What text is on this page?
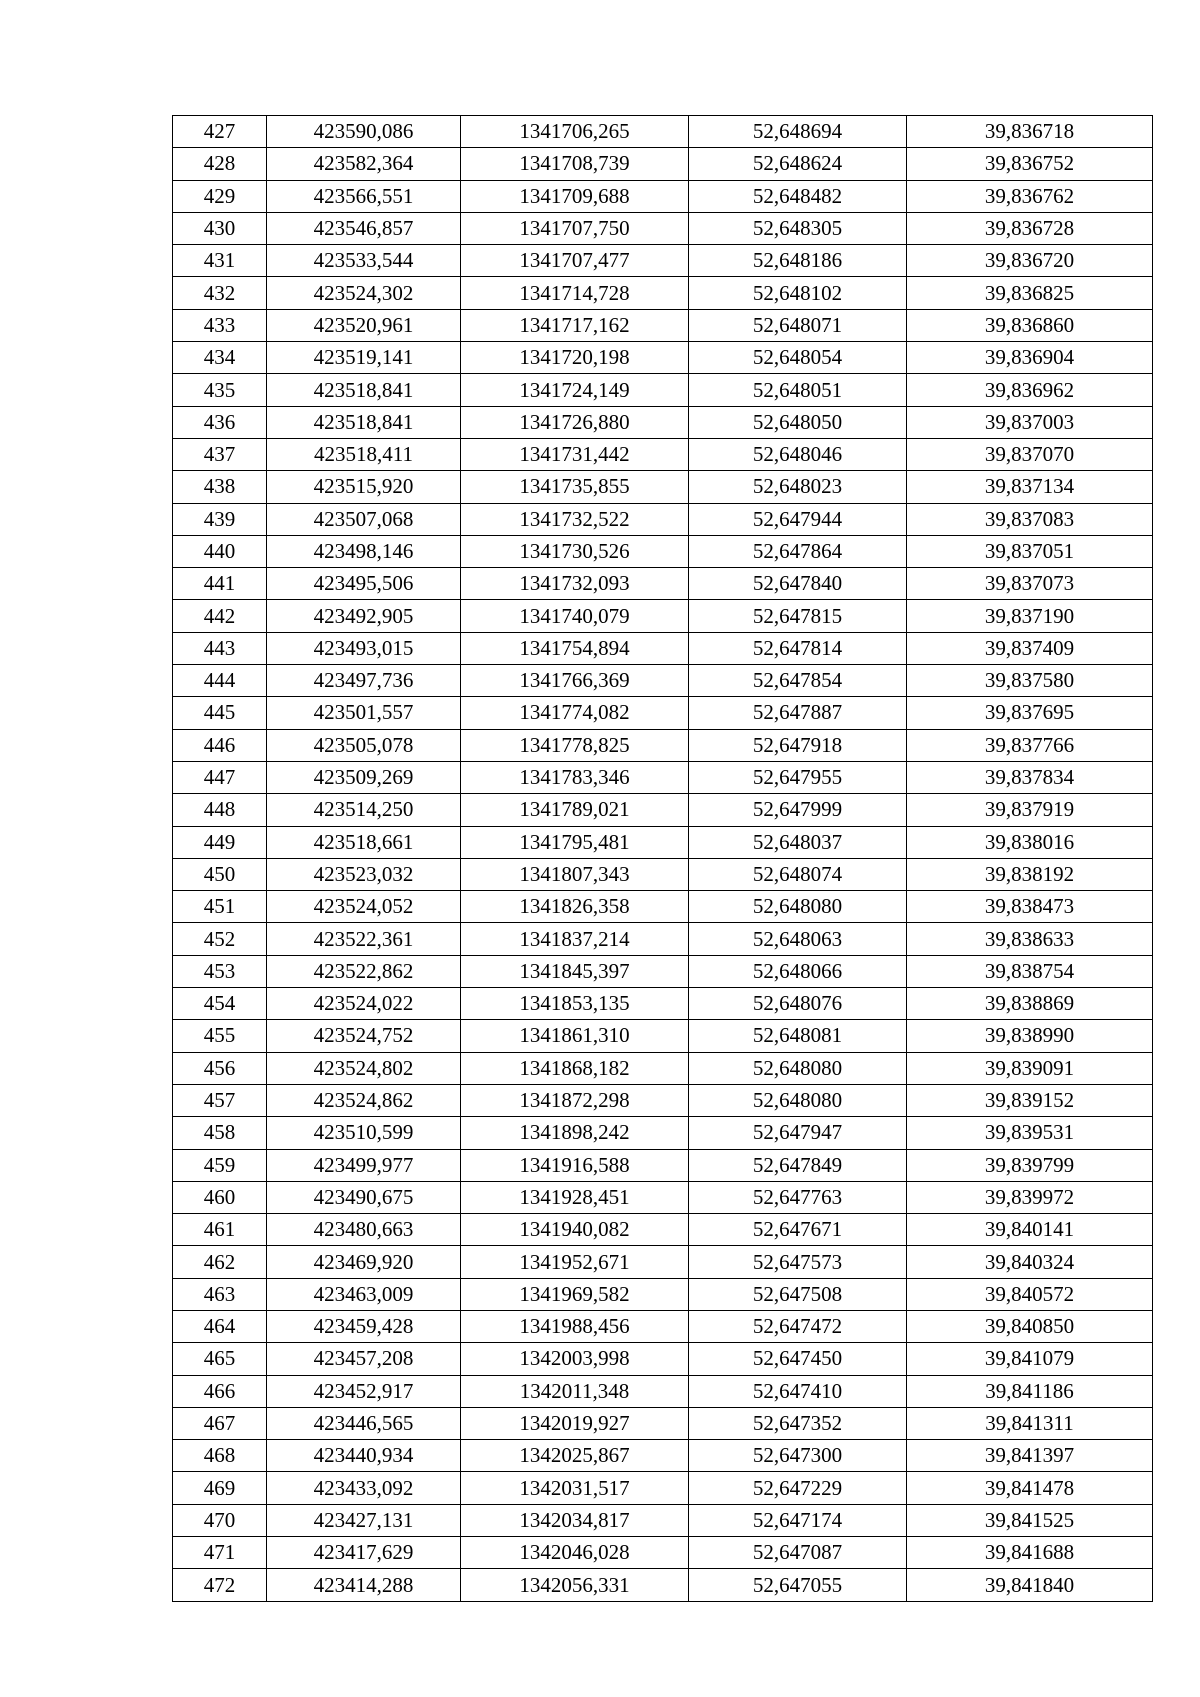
427	423590,086	1341706,265	52,648694	39,836718
428	423582,364	1341708,739	52,648624	39,836752
429	423566,551	1341709,688	52,648482	39,836762
430	423546,857	1341707,750	52,648305	39,836728
431	423533,544	1341707,477	52,648186	39,836720
432	423524,302	1341714,728	52,648102	39,836825
433	423520,961	1341717,162	52,648071	39,836860
434	423519,141	1341720,198	52,648054	39,836904
435	423518,841	1341724,149	52,648051	39,836962
436	423518,841	1341726,880	52,648050	39,837003
437	423518,411	1341731,442	52,648046	39,837070
438	423515,920	1341735,855	52,648023	39,837134
439	423507,068	1341732,522	52,647944	39,837083
440	423498,146	1341730,526	52,647864	39,837051
441	423495,506	1341732,093	52,647840	39,837073
442	423492,905	1341740,079	52,647815	39,837190
443	423493,015	1341754,894	52,647814	39,837409
444	423497,736	1341766,369	52,647854	39,837580
445	423501,557	1341774,082	52,647887	39,837695
446	423505,078	1341778,825	52,647918	39,837766
447	423509,269	1341783,346	52,647955	39,837834
448	423514,250	1341789,021	52,647999	39,837919
449	423518,661	1341795,481	52,648037	39,838016
450	423523,032	1341807,343	52,648074	39,838192
451	423524,052	1341826,358	52,648080	39,838473
452	423522,361	1341837,214	52,648063	39,838633
453	423522,862	1341845,397	52,648066	39,838754
454	423524,022	1341853,135	52,648076	39,838869
455	423524,752	1341861,310	52,648081	39,838990
456	423524,802	1341868,182	52,648080	39,839091
457	423524,862	1341872,298	52,648080	39,839152
458	423510,599	1341898,242	52,647947	39,839531
459	423499,977	1341916,588	52,647849	39,839799
460	423490,675	1341928,451	52,647763	39,839972
461	423480,663	1341940,082	52,647671	39,840141
462	423469,920	1341952,671	52,647573	39,840324
463	423463,009	1341969,582	52,647508	39,840572
464	423459,428	1341988,456	52,647472	39,840850
465	423457,208	1342003,998	52,647450	39,841079
466	423452,917	1342011,348	52,647410	39,841186
467	423446,565	1342019,927	52,647352	39,841311
468	423440,934	1342025,867	52,647300	39,841397
469	423433,092	1342031,517	52,647229	39,841478
470	423427,131	1342034,817	52,647174	39,841525
471	423417,629	1342046,028	52,647087	39,841688
472	423414,288	1342056,331	52,647055	39,841840
